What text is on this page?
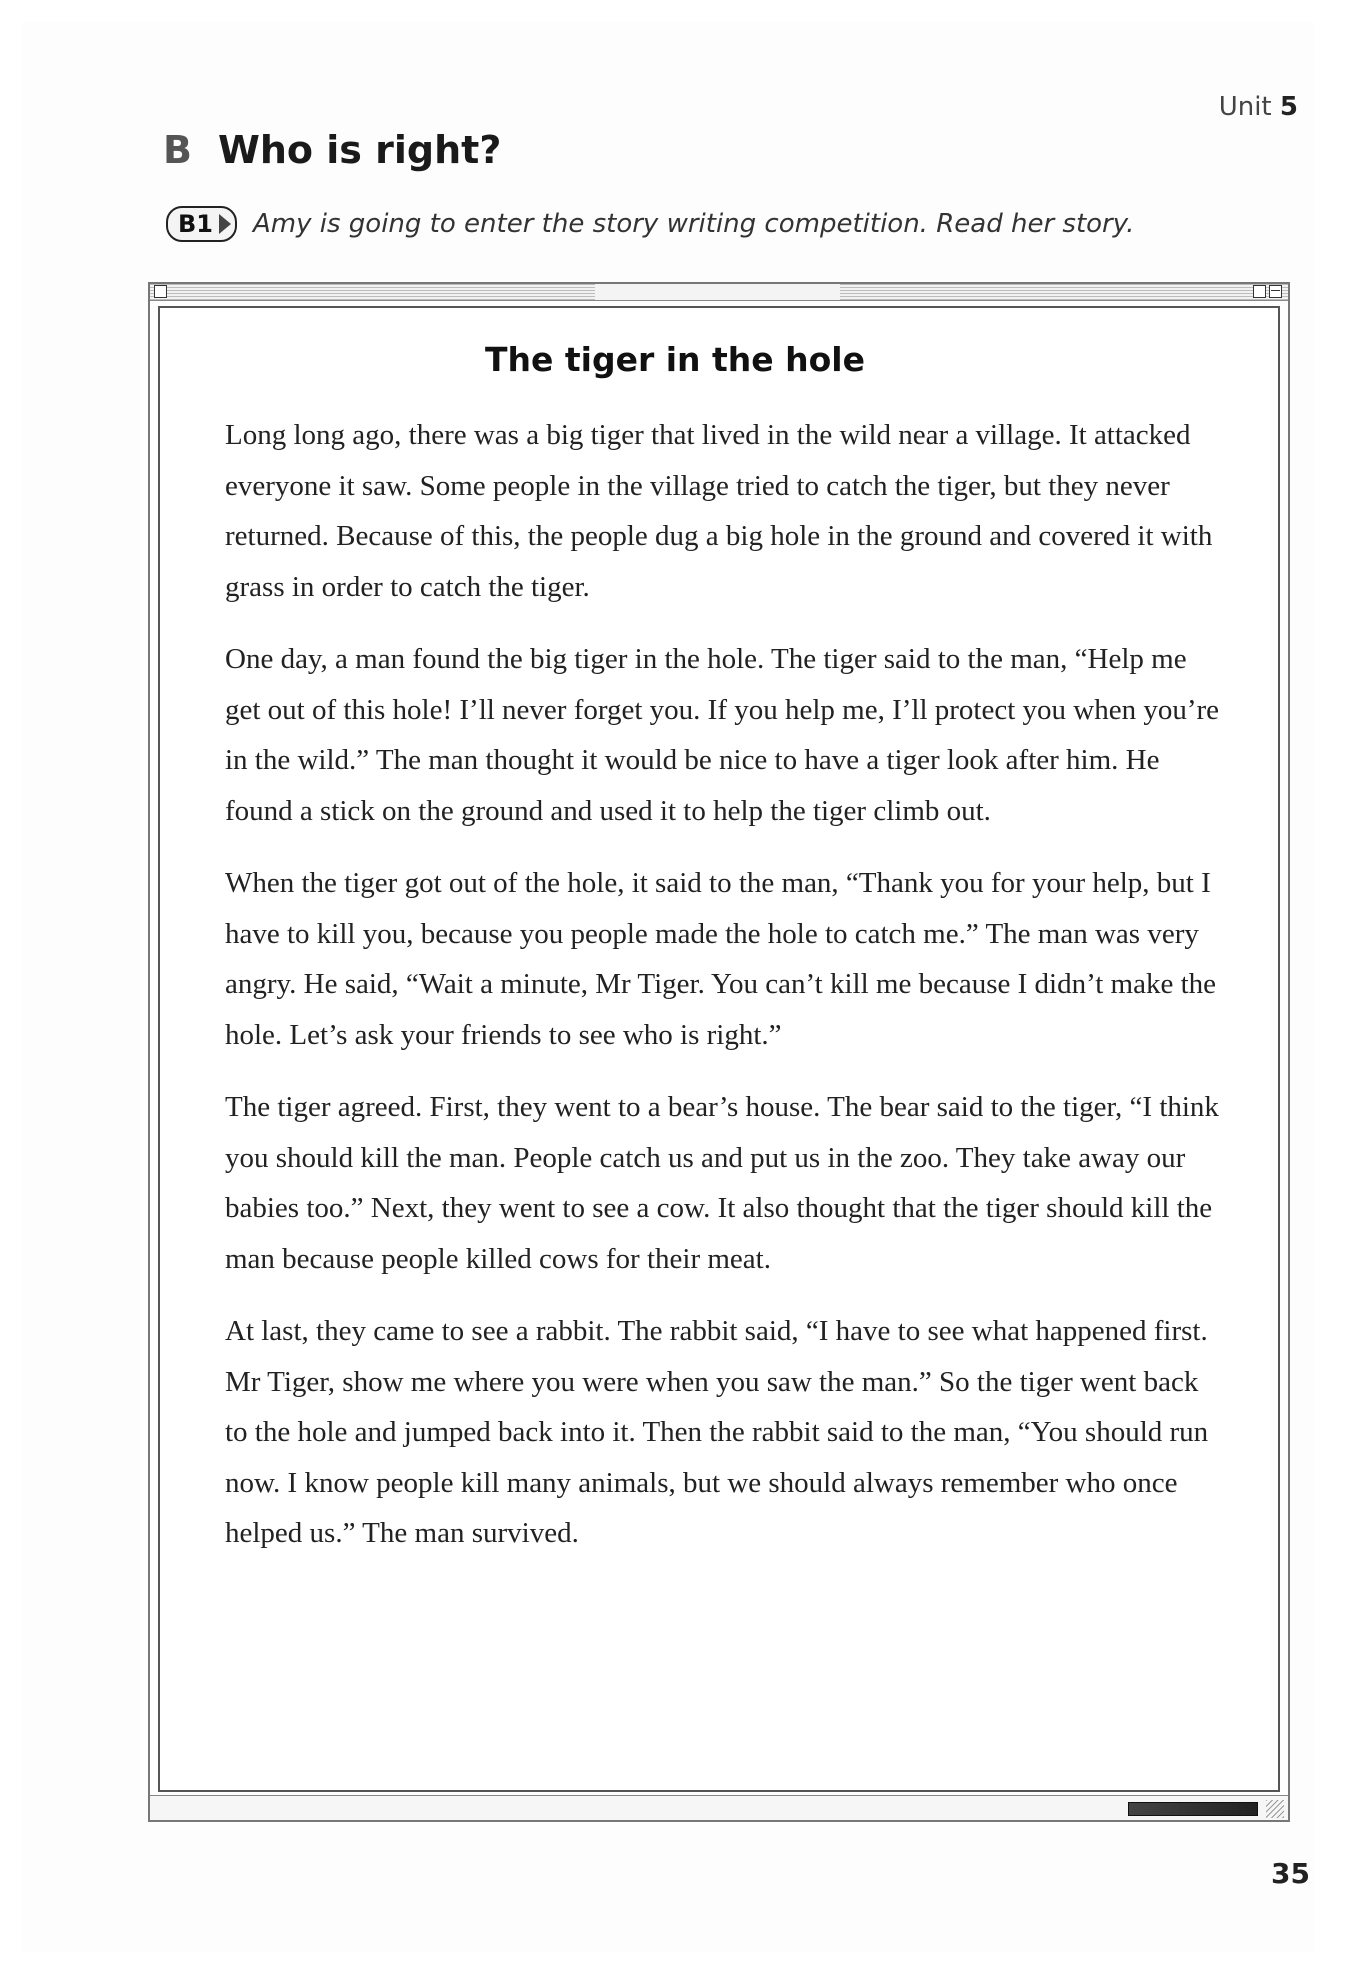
Unit 5
B Who is right?
B1 Amy is going to enter the story writing competition. Read her story.
The tiger in the hole

Long long ago, there was a big tiger that lived in the wild near a village. It attacked everyone it saw. Some people in the village tried to catch the tiger, but they never returned. Because of this, the people dug a big hole in the ground and covered it with grass in order to catch the tiger.

One day, a man found the big tiger in the hole. The tiger said to the man, “Help me get out of this hole! I’ll never forget you. If you help me, I’ll protect you when you’re in the wild.” The man thought it would be nice to have a tiger look after him. He found a stick on the ground and used it to help the tiger climb out.

When the tiger got out of the hole, it said to the man, “Thank you for your help, but I have to kill you, because you people made the hole to catch me.” The man was very angry. He said, “Wait a minute, Mr Tiger. You can’t kill me because I didn’t make the hole. Let’s ask your friends to see who is right.”

The tiger agreed. First, they went to a bear’s house. The bear said to the tiger, “I think you should kill the man. People catch us and put us in the zoo. They take away our babies too.” Next, they went to see a cow. It also thought that the tiger should kill the man because people killed cows for their meat.

At last, they came to see a rabbit. The rabbit said, “I have to see what happened first. Mr Tiger, show me where you were when you saw the man.” So the tiger went back to the hole and jumped back into it. Then the rabbit said to the man, “You should run now. I know people kill many animals, but we should always remember who once helped us.” The man survived.

35
